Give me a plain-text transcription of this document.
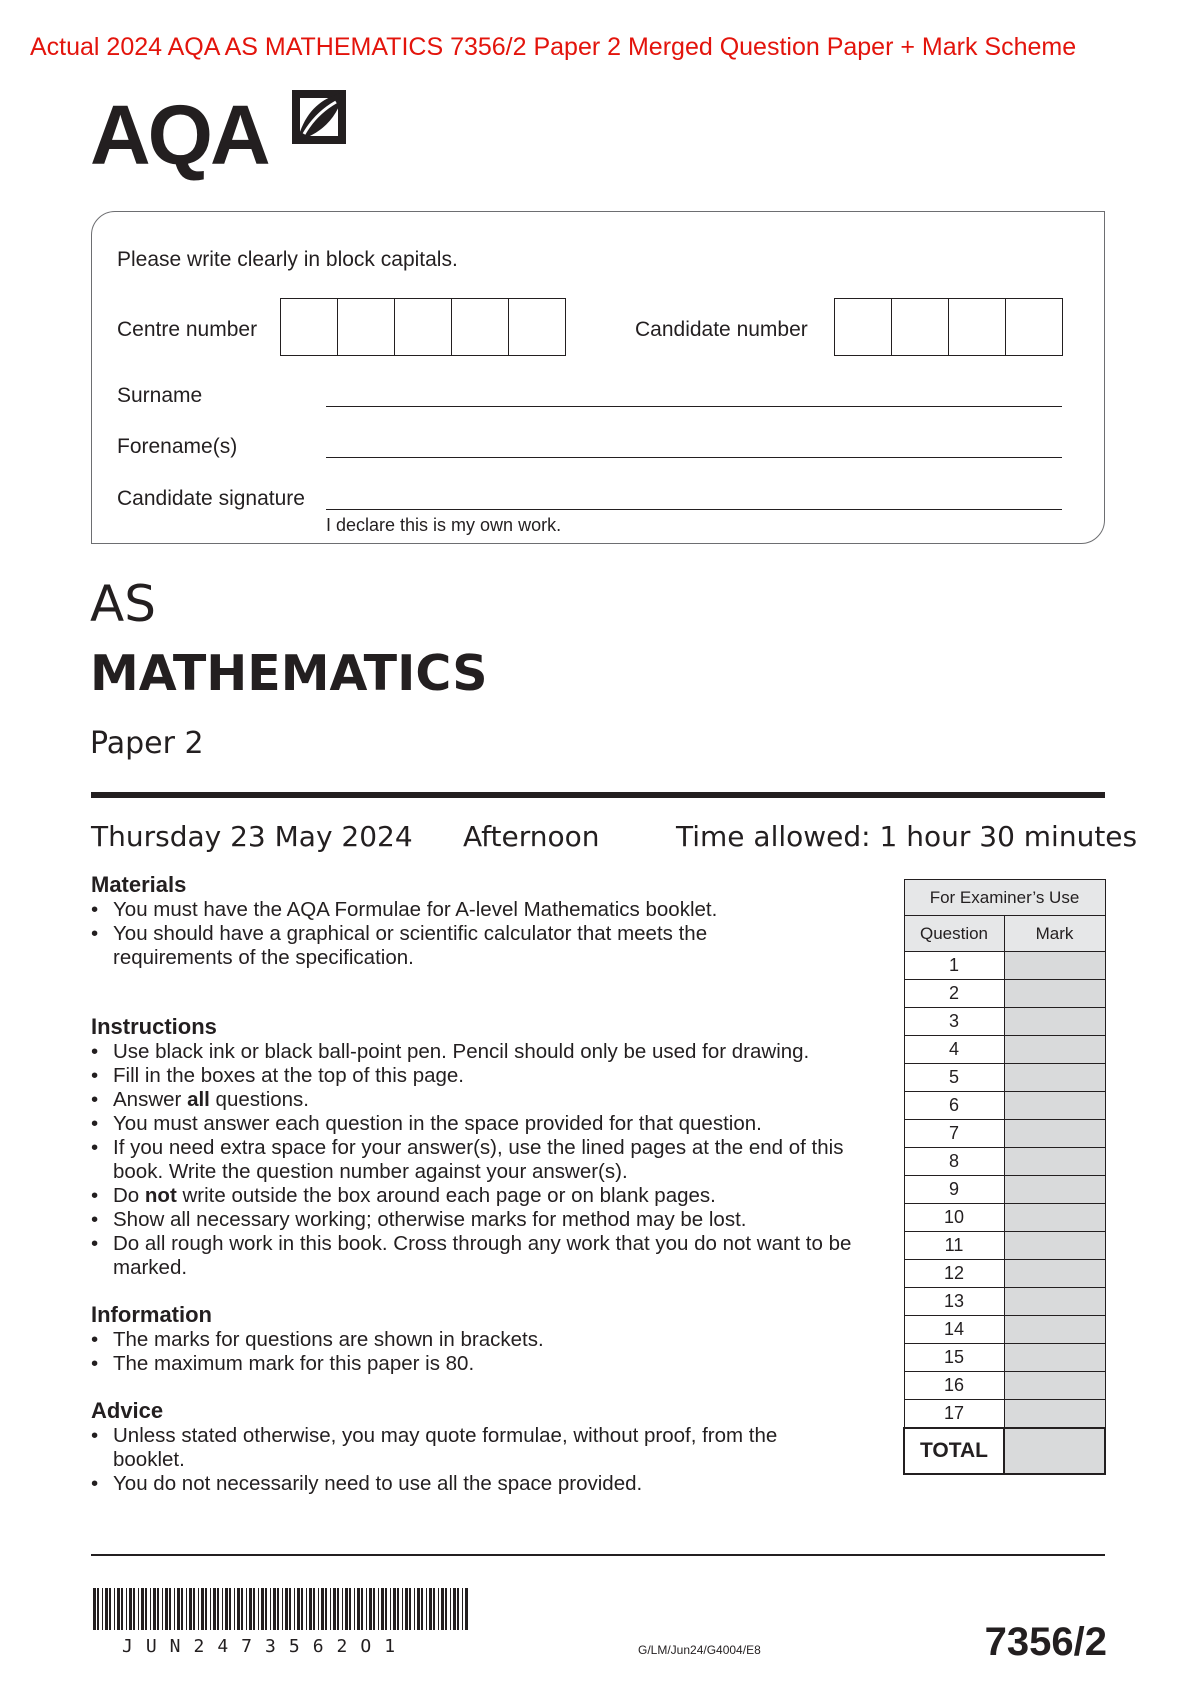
Actual 2024 AQA AS MATHEMATICS 7356/2 Paper 2 Merged Question Paper + Mark Scheme
AQA
Please write clearly in block capitals.
Centre number	Candidate number
Surname
Forename(s)
Candidate signature
I declare this is my own work.
AS
MATHEMATICS
Paper 2
Thursday 23 May 2024 Afternoon	Time allowed: 1 hour 30 minutes
Materials
• You must have the AQA Formulae for A-level Mathematics booklet.
• You should have a graphical or scientific calculator that meets the requirements of the specification.
Instructions
• Use black ink or black ball-point pen. Pencil should only be used for drawing.
• Fill in the boxes at the top of this page.
• Answer all questions.
• You must answer each question in the space provided for that question.
• If you need extra space for your answer(s), use the lined pages at the end of this book. Write the question number against your answer(s).
• Do not write outside the box around each page or on blank pages.
• Show all necessary working; otherwise marks for method may be lost.
• Do all rough work in this book. Cross through any work that you do not want to be marked.
Information
• The marks for questions are shown in brackets.
• The maximum mark for this paper is 80.
Advice
• Unless stated otherwise, you may quote formulae, without proof, from the booklet.
• You do not necessarily need to use all the space provided.
For Examiner’s Use	
Question	Mark
1	
2	
3	
4	
5	
6	
7	
8	
9	
10	
11	
12	
13	
14	
15	
16	
17	
TOTAL	
JUN2473562O1	G/LM/Jun24/G4004/E8	7356/2
